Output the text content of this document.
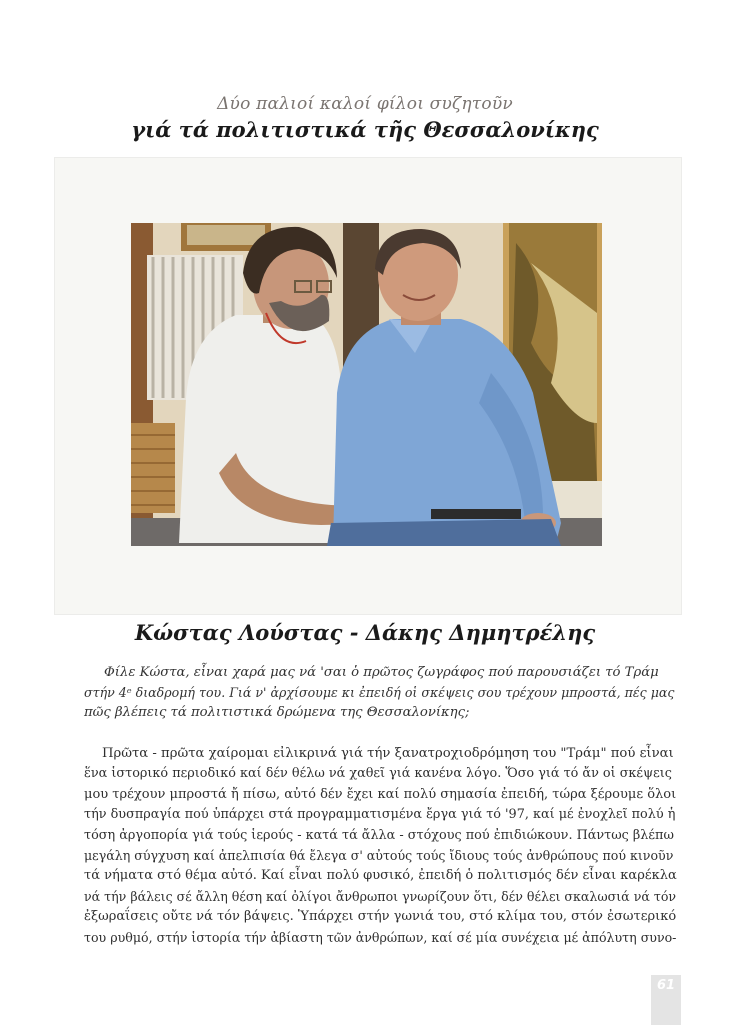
Δύο παλιοί καλοί φίλοι συζητοῦν
γιά τά πολιτιστικά τῆς Θεσσαλονίκης
Κώστας Λούστας - Δάκης Δημητρέλης
Φίλε Κώστα, εἶναι χαρά μας νά 'σαι ὁ πρῶτος ζωγράφος πού παρουσιάζει τό Τράμ
στήν 4ᵉ διαδρομή του. Γιά ν' ἀρχίσουμε κι ἐπειδή οἱ σκέψεις σου τρέχουν μπροστά, πές μας
πῶς βλέπεις τά πολιτιστικά δρώμενα της Θεσσαλονίκης;
Πρῶτα - πρῶτα χαίρομαι εἰλικρινά γιά τήν ξανατροχιοδρόμηση του "Τράμ" πού εἶναι
ἕνα ἱστορικό περιοδικό καί δέν θέλω νά χαθεῖ γιά κανένα λόγο. Ὅσο γιά τό ἄν οἱ σκέψεις
μου τρέχουν μπροστά ἤ πίσω, αὐτό δέν ἔχει καί πολύ σημασία ἐπειδή, τώρα ξέρουμε ὅλοι
τήν δυσπραγία πού ὑπάρχει στά προγραμματισμένα ἔργα γιά τό '97, καί μέ ἐνοχλεῖ πολύ ἡ
τόση ἀργοπορία γιά τούς ἱερούς - κατά τά ἄλλα - στόχους πού ἐπιδιώκουν. Πάντως βλέπω
μεγάλη σύγχυση καί ἀπελπισία θά ἔλεγα σ' αὐτούς τούς ἴδιους τούς ἀνθρώπους πού κινοῦν
τά νήματα στό θέμα αὐτό. Καί εἶναι πολύ φυσικό, ἐπειδή ὁ πολιτισμός δέν εἶναι καρέκλα
νά τήν βάλεις σέ ἄλλη θέση καί ὀλίγοι ἄνθρωποι γνωρίζουν ὅτι, δέν θέλει σκαλωσιά νά τόν
ἐξωραΐσεις οὔτε νά τόν βάψεις. Ὑπάρχει στήν γωνιά του, στό κλίμα του, στόν ἐσωτερικό
του ρυθμό, στήν ἱστορία τήν ἀβίαστη τῶν ἀνθρώπων, καί σέ μία συνέχεια μέ ἀπόλυτη συνο-
61
